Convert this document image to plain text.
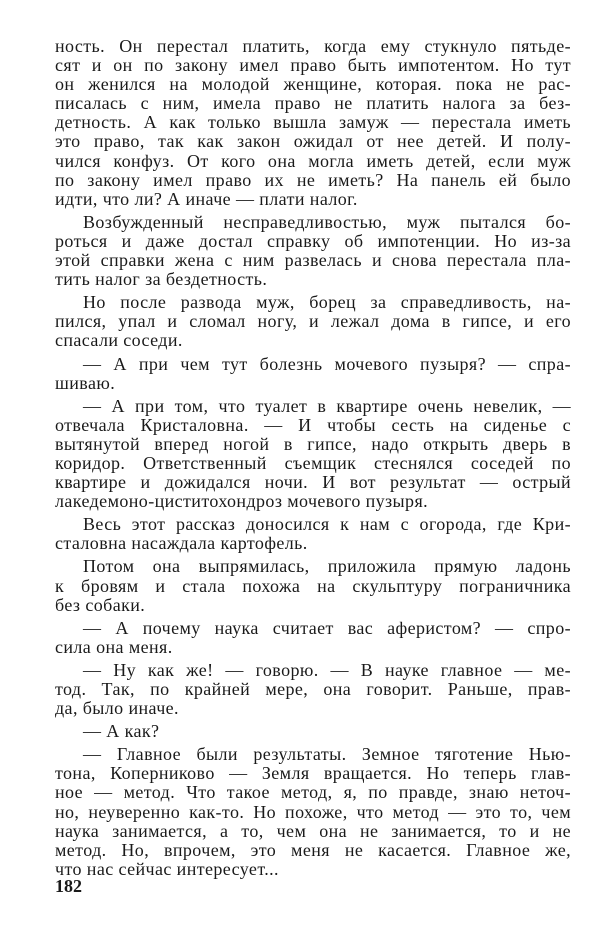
ность. Он перестал платить, когда ему стукнуло пятьде-
сят и он по закону имел право быть импотентом. Но тут
он женился на молодой женщине, которая. пока не рас-
писалась с ним, имела право не платить налога за без-
детность. А как только вышла замуж — перестала иметь
это право, так как закон ожидал от нее детей. И полу-
чился конфуз. От кого она могла иметь детей, если муж
по закону имел право их не иметь? На панель ей было
идти, что ли? А иначе — плати налог.
Возбужденный несправедливостью, муж пытался бо-
роться и даже достал справку об импотенции. Но из-за
этой справки жена с ним развелась и снова перестала пла-
тить налог за бездетность.
Но после развода муж, борец за справедливость, на-
пился, упал и сломал ногу, и лежал дома в гипсе, и его
спасали соседи.
— А при чем тут болезнь мочевого пузыря? — спра-
шиваю.
— А при том, что туалет в квартире очень невелик, —
отвечала Кристаловна. — И чтобы сесть на сиденье с
вытянутой вперед ногой в гипсе, надо открыть дверь в
коридор. Ответственный съемщик стеснялся соседей по
квартире и дожидался ночи. И вот результат — острый
лакедемоно-циститохондроз мочевого пузыря.
Весь этот рассказ доносился к нам с огорода, где Кри-
сталовна насаждала картофель.
Потом она выпрямилась, приложила прямую ладонь
к бровям и стала похожа на скульптуру пограничника
без собаки.
— А почему наука считает вас аферистом? — спро-
сила она меня.
— Ну как же! — говорю. — В науке главное — ме-
тод. Так, по крайней мере, она говорит. Раньше, прав-
да, было иначе.
— А как?
— Главное были результаты. Земное тяготение Нью-
тона, Коперниково — Земля вращается. Но теперь глав-
ное — метод. Что такое метод, я, по правде, знаю неточ-
но, неуверенно как-то. Но похоже, что метод — это то, чем
наука занимается, а то, чем она не занимается, то и не
метод. Но, впрочем, это меня не касается. Главное же,
что нас сейчас интересует...
182
